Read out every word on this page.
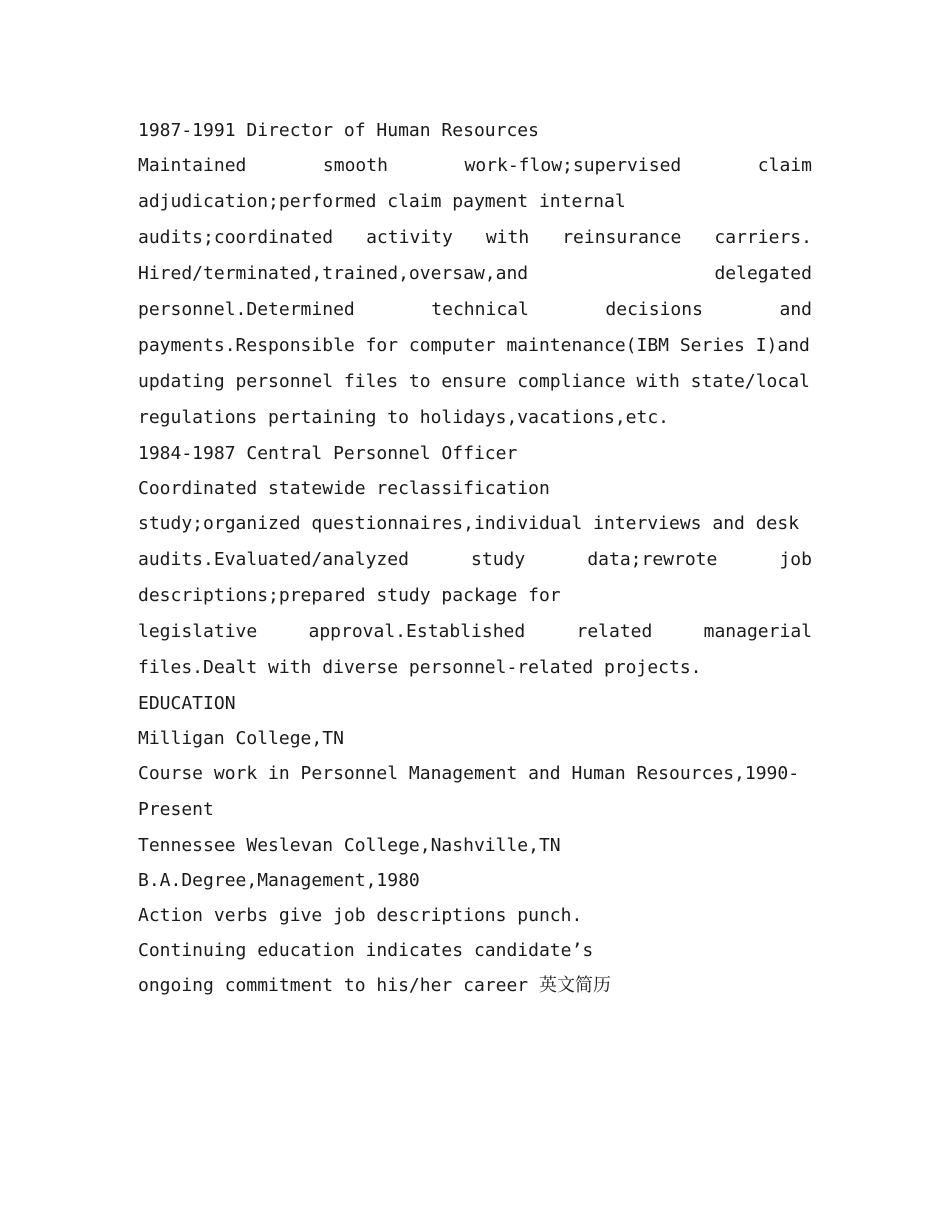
1987-1991 Director of Human Resources
Maintained	smooth	work-flow;supervised	claim
adjudication;performed claim payment internal
audits;coordinated activity with reinsurance carriers.
Hired/terminated,trained,oversaw,and	delegated
personnel.Determined	technical	decisions	and
payments.Responsible for computer maintenance(IBM Series I)and
updating personnel files to ensure compliance with state/local
regulations pertaining to holidays,vacations,etc.
1984-1987 Central Personnel Officer
Coordinated statewide reclassification
study;organized questionnaires,individual interviews and desk
audits.Evaluated/analyzed	study	data;rewrote	job
descriptions;prepared study package for
legislative	approval.Established	related	managerial
files.Dealt with diverse personnel-related projects.
EDUCATION
Milligan College,TN
Course work in Personnel Management and Human Resources,1990-
Present
Tennessee Weslevan College,Nashville,TN
B.A.Degree,Management,1980
Action verbs give job descriptions punch.
Continuing education indicates candidate’s
ongoing commitment to his/her career 英文简历
